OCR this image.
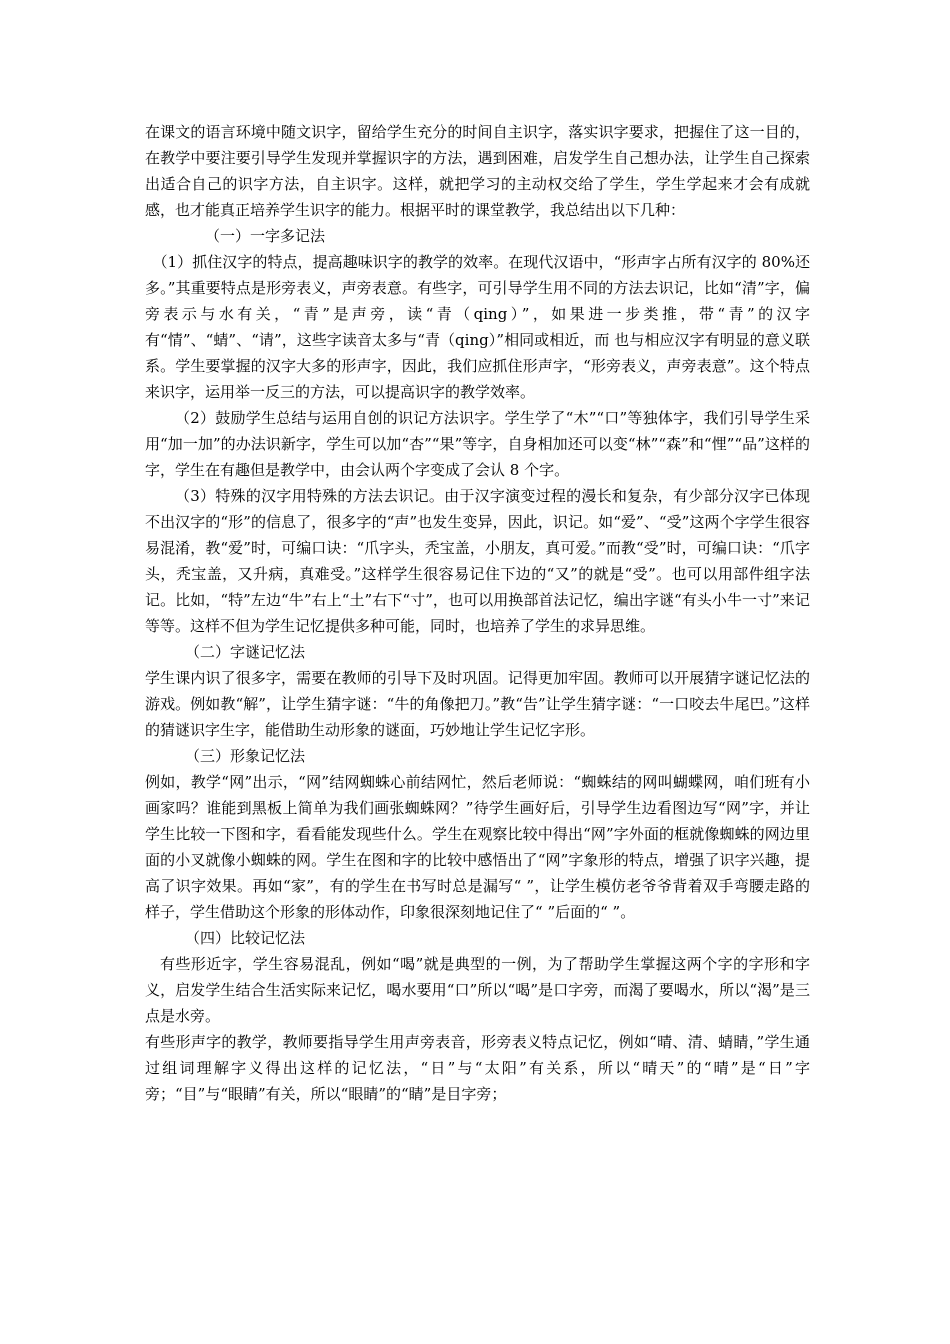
在课文的语言环境中随文识字，留给学生充分的时间自主识字，落实识字要求，把握住了这一目的，在教学中要注要引导学生发现并掌握识字的方法，遇到困难，启发学生自己想办法，让学生自己探索出适合自己的识字方法，自主识字。这样，就把学习的主动权交给了学生，学生学起来才会有成就感，也才能真正培养学生识字的能力。根据平时的课堂教学，我总结出以下几种：

（一）一字多记法

（1）抓住汉字的特点，提高趣味识字的教学的效率。在现代汉语中，“形声字占所有汉字的 80%还多。”其重要特点是形旁表义，声旁表意。有些字，可引导学生用不同的方法去识记，比如“清”字，偏旁表示与水有关，“青”是声旁，读“青（qing）”，如果进一步类推，带“青”的汉字有“情”、“蜻”、“请”，这些字读音太多与“青（qing）”相同或相近，而 也与相应汉字有明显的意义联系。学生要掌握的汉字大多的形声字，因此，我们应抓住形声字，“形旁表义，声旁表意”。这个特点来识字，运用举一反三的方法，可以提高识字的教学效率。

（2）鼓励学生总结与运用自创的识记方法识字。学生学了“木”“口”等独体字，我们引导学生采用“加一加”的办法识新字，学生可以加“杏”“果”等字，自身相加还可以变“林”“森”和“悝”“品”这样的字，学生在有趣但是教学中，由会认两个字变成了会认 8 个字。

（3）特殊的汉字用特殊的方法去识记。由于汉字演变过程的漫长和复杂，有少部分汉字已体现不出汉字的“形”的信息了，很多字的“声”也发生变异，因此，识记。如“爱”、“受”这两个字学生很容易混淆，教“爱”时，可编口诀：“爪字头，秃宝盖，小朋友，真可爱。”而教“受”时，可编口诀：“爪字头，秃宝盖，又升病，真难受。”这样学生很容易记住下边的“又”的就是“受”。也可以用部件组字法记。比如，“特”左边“牛”右上“土”右下“寸”，也可以用换部首法记忆，编出字谜“有头小牛一寸”来记等等。这样不但为学生记忆提供多种可能，同时，也培养了学生的求异思维。

（二）字谜记忆法

学生课内识了很多字，需要在教师的引导下及时巩固。记得更加牢固。教师可以开展猜字谜记忆法的游戏。例如教“解”，让学生猜字谜：“牛的角像把刀。”教“告”让学生猜字谜：“一口咬去牛尾巴。”这样的猜谜识字生字，能借助生动形象的谜面，巧妙地让学生记忆字形。

（三）形象记忆法

例如，教学“网”出示，“网”结网蜘蛛心前结网忙，然后老师说：“蜘蛛结的网叫蝴蝶网，咱们班有小画家吗？谁能到黑板上简单为我们画张蜘蛛网？”待学生画好后，引导学生边看图边写“网”字，并让学生比较一下图和字，看看能发现些什么。学生在观察比较中得出“网”字外面的框就像蜘蛛的网边里面的小叉就像小蜘蛛的网。学生在图和字的比较中感悟出了“网”字象形的特点，增强了识字兴趣，提高了识字效果。再如“家”，有的学生在书写时总是漏写“ ”，让学生模仿老爷爷背着双手弯腰走路的样子，学生借助这个形象的形体动作，印象很深刻地记住了“ ”后面的“ ”。

（四）比较记忆法

有些形近字，学生容易混乱，例如“喝”就是典型的一例，为了帮助学生掌握这两个字的字形和字义，启发学生结合生活实际来记忆，喝水要用“口”所以“喝”是口字旁，而渴了要喝水，所以“渴”是三点是水旁。

有些形声字的教学，教师要指导学生用声旁表音，形旁表义特点记忆，例如“晴、清、蜻睛，”学生通过组词理解字义得出这样的记忆法，“日”与“太阳”有关系，所以“晴天”的“晴”是“日”字旁；“目”与“眼睛”有关，所以“眼睛”的“睛”是目字旁；
